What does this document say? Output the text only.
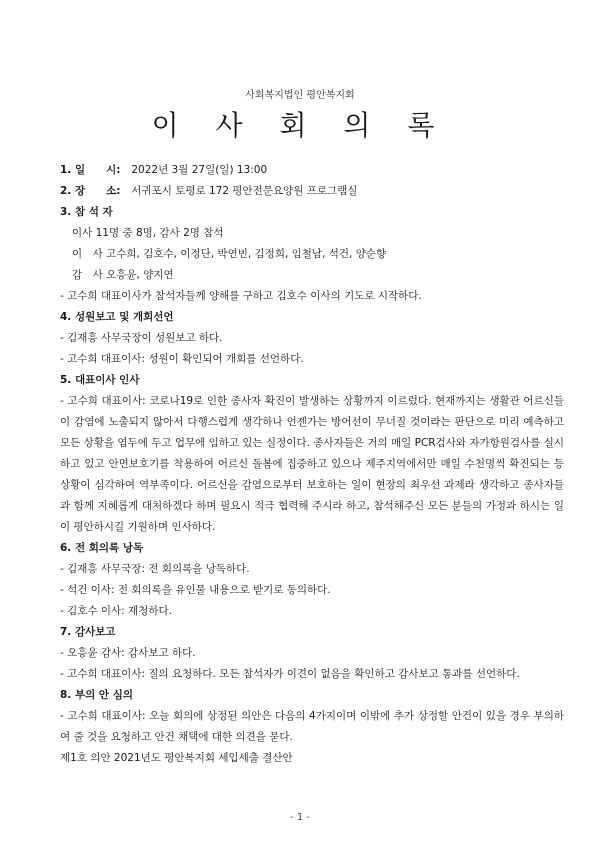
사회복지법인 평안복지회
이 사 회 의 록
1. 일　　시: 2022년 3월 27일(일) 13:00
2. 장　　소: 서귀포시 토평로 172 평안전문요양원 프로그램실
3. 참 석 자
이사 11명 중 8명, 감사 2명 참석
이　사 고수희, 김호수, 이정단, 박연빈, 김정희, 임철남, 석건, 양순향
감　사 오흥윤, 양지연
- 고수희 대표이사가 참석자들께 양해를 구하고 김호수 이사의 기도로 시작하다.
4. 성원보고 및 개회선언
- 김재흥 사무국장이 성원보고 하다.
- 고수희 대표이사: 성원이 확인되어 개회를 선언하다.
5. 대표이사 인사
- 고수희 대표이사: 코로나19로 인한 종사자 확진이 발생하는 상황까지 이르렀다. 현재까지는 생활관 어르신들이 감염에 노출되지 않아서 다행스럽게 생각하나 언젠가는 방어선이 무너질 것이라는 판단으로 미리 예측하고 모든 상황을 염두에 두고 업무에 임하고 있는 실정이다. 종사자들은 거의 매일 PCR검사와 자가항원검사를 실시하고 있고 안면보호기를 착용하여 어르신 돌봄에 집중하고 있으나 제주지역에서만 매일 수천명씩 확진되는 등 상황이 심각하여 역부족이다. 어르신을 감염으로부터 보호하는 일이 현장의 최우선 과제라 생각하고 종사자들과 함께 지혜롭게 대처하겠다 하며 필요시 적극 협력해 주시라 하고, 참석해주신 모든 분들의 가정과 하시는 일이 평안하시길 기원하며 인사하다.
6. 전 회의록 낭독
- 김재흥 사무국장: 전 회의록을 낭독하다.
- 석건 이사: 전 회의록을 유인물 내용으로 받기로 동의하다.
- 김호수 이사: 재청하다.
7. 감사보고
- 오흥윤 감사: 감사보고 하다.
- 고수희 대표이사: 질의 요청하다. 모든 참석자가 이견이 없음을 확인하고 감사보고 통과를 선언하다.
8. 부의 안 심의
- 고수희 대표이사: 오늘 회의에 상정된 의안은 다음의 4가지이며 이밖에 추가 상정할 안건이 있을 경우 부의하여 줄 것을 요청하고 안건 채택에 대한 의견을 묻다.
제1호 의안 2021년도 평안복지회 세입세출 결산안
- 1 -
